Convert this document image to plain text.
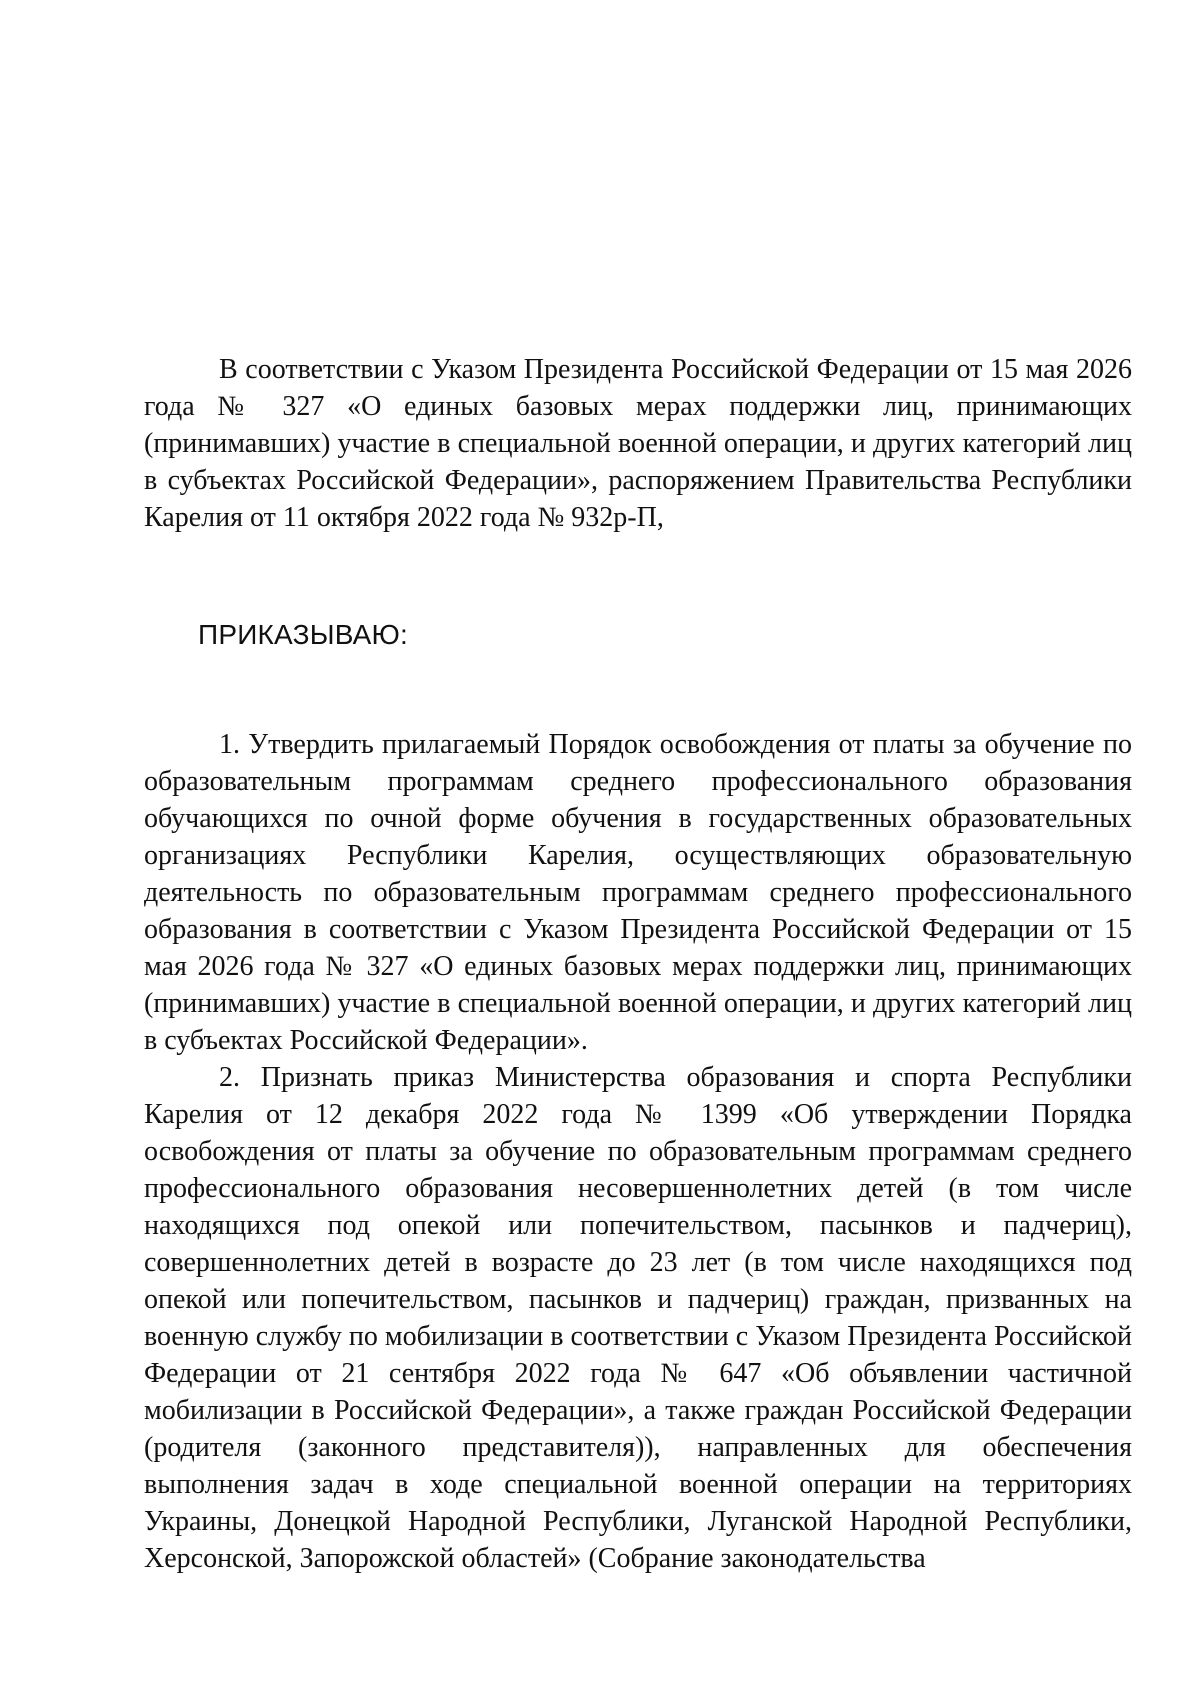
В соответствии с Указом Президента Российской Федерации от 15 мая 2026 года № 327 «О единых базовых мерах поддержки лиц, принимающих (принимавших) участие в специальной военной операции, и других категорий лиц в субъектах Российской Федерации», распоряжением Правительства Республики Карелия от 11 октября 2022 года № 932р-П,

ПРИКАЗЫВАЮ:

1. Утвердить прилагаемый Порядок освобождения от платы за обучение по образовательным программам среднего профессионального образования обучающихся по очной форме обучения в государственных образовательных организациях Республики Карелия, осуществляющих образовательную деятельность по образовательным программам среднего профессионального образования в соответствии с Указом Президента Российской Федерации от 15 мая 2026 года № 327 «О единых базовых мерах поддержки лиц, принимающих (принимавших) участие в специальной военной операции, и других категорий лиц в субъектах Российской Федерации».

2. Признать приказ Министерства образования и спорта Республики Карелия от 12 декабря 2022 года № 1399 «Об утверждении Порядка освобождения от платы за обучение по образовательным программам среднего профессионального образования несовершеннолетних детей (в том числе находящихся под опекой или попечительством, пасынков и падчериц), совершеннолетних детей в возрасте до 23 лет (в том числе находящихся под опекой или попечительством, пасынков и падчериц) граждан, призванных на военную службу по мобилизации в соответствии с Указом Президента Российской Федерации от 21 сентября 2022 года № 647 «Об объявлении частичной мобилизации в Российской Федерации», а также граждан Российской Федерации (родителя (законного представителя)), направленных для обеспечения выполнения задач в ходе специальной военной операции на территориях Украины, Донецкой Народной Республики, Луганской Народной Республики, Херсонской, Запорожской областей» (Собрание законодательства
